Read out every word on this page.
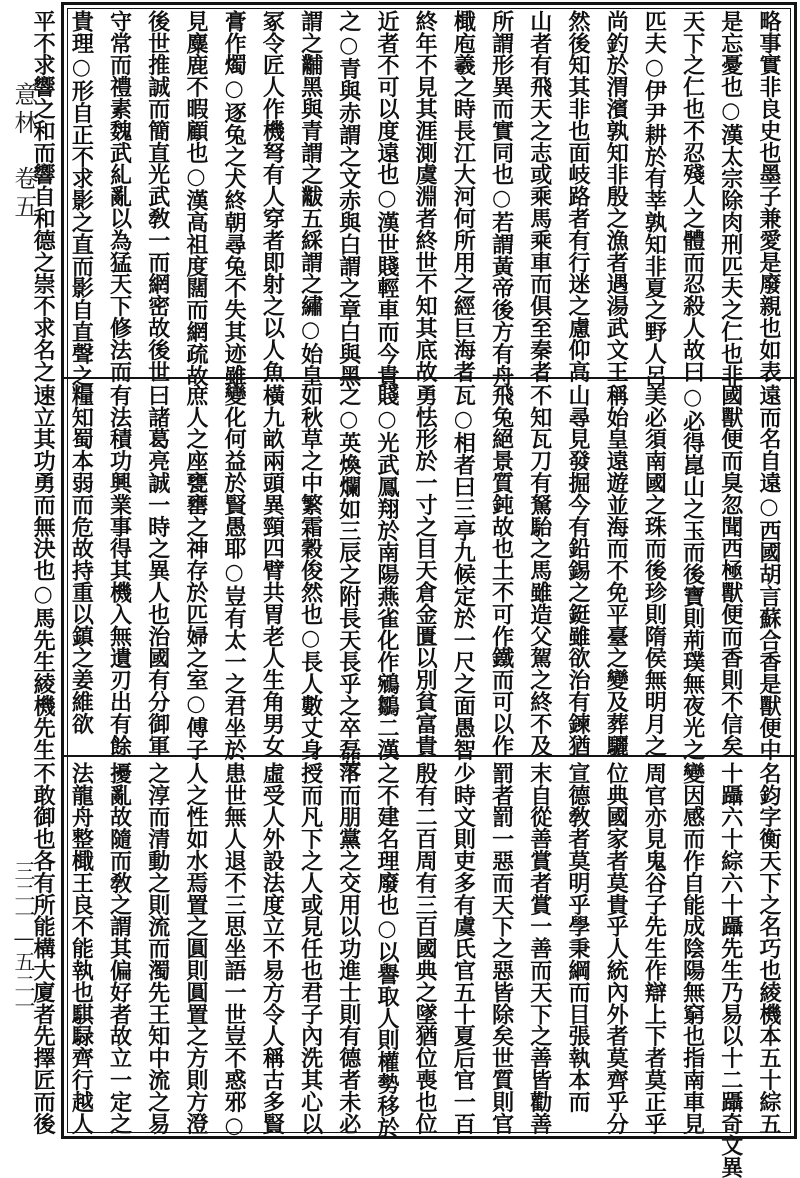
意林　卷五
三二一—五二一
略事實非良史也墨子兼愛是廢親也如表
是忘憂也○漢太宗除肉刑匹夫之仁也非
天下之仁也不忍殘人之體而忍殺人故曰
匹夫○伊尹耕於有莘孰知非夏之野人呂
尚釣於渭濱孰知非殷之漁者遇湯武文王
然後知其非也面岐路者有行迷之慮仰高
山者有飛天之志或乘馬乘車而俱至秦者
所謂形異而實同也○若謂黃帝後方有舟
檝庖羲之時長江大河何所用之經巨海者
終年不見其涯測虞淵者終世不知其底故
近者不可以度遠也○漢世賤輕車而今貴
之○青與赤謂之文赤與白謂之章白與黑
謂之黼黑與青謂之黻五綵謂之繡○始皇
冢令匠人作機弩有人穿者即射之以人魚
膏作燭○逐兔之犬終朝尋兔不失其迹雖
見麋鹿不暇顧也○漢高祖度闊而網疏故
後世推誠而簡直光武敎一而網密故後世
守常而禮素魏武糺亂以為猛天下修法而
貴理○形自正不求影之直而影自直聲之
平不求響之和而響自和德之崇不求名之
遠而名自遠○西國胡言蘇合香是獸便中
國獸便而臭忽聞西極獸便而香則不信矣
○必得崑山之玉而後寶則荊璞無夜光之
美必須南國之珠而後珍則隋侯無明月之
稱始皇遠遊並海而不免平臺之變及葬驪
山尋見發掘今有鉛錫之鋌雖欲治有鍊猶
不知瓦刀有駑駘之馬雖造父駕之終不及
飛兔絕景質鈍故也土不可作鐵而可以作
瓦○相者曰三亭九候定於一尺之面愚智
勇怯形於一寸之目天倉金匱以別貧富貴
賤○光武鳳翔於南陽燕雀化作鵷鶵二漢
之○英煥爛如三辰之附長天長乎之卒磊落
如秋草之中繁霜穀俊然也○長人數丈身
橫九畝兩頭異頸四臂共胃老人生角男女
變化何益於賢愚耶○豈有太一之君坐於
庶人之座甕罋之神存於匹婦之室○傅子
曰諸葛亮誠一時之異人也治國有分御軍
有法積功興業事得其機入無遺刃出有餘
糧知蜀本弱而危故持重以鎮之姜維欲
速立其功勇而無決也○馬先生綾機先生
名鈞字衡天下之名巧也綾機本五十綜五
十躡六十綜六十躡先生乃易以十二躡奇文異
變因感而作自能成陰陽無窮也指南車見
周官亦見鬼谷子先生作辯上下者莫正乎
位典國家者莫貴乎人統內外者莫齊乎分
宣德敎者莫明乎學秉綱而目張執本而
末自從善賞者賞一善而天下之善皆勸善
罰者罰一惡而天下之惡皆除矣世質則官
少時文則吏多有虞氏官五十夏后官一百
殷有二百周有三百國典之墜猶位喪也位
之不建名理廢也○以譽取人則權勢移於
下而朋黨之交用以功進士則有德者未必
授而凡下之人或見任也君子內洗其心以
虛受人外設法度立不易方令人稱古多賢
患世無人退不三思坐語一世豈不惑邪○
人之性如水焉置之圓則圓置之方則方澄
之淳而清動之則流而濁先王知中流之易
擾亂故隨而敎之謂其偏好者故立一定之
法龍舟整檝王良不能執也騏騄齊行越人
不敢御也各有所能構大廈者先擇匠而後
